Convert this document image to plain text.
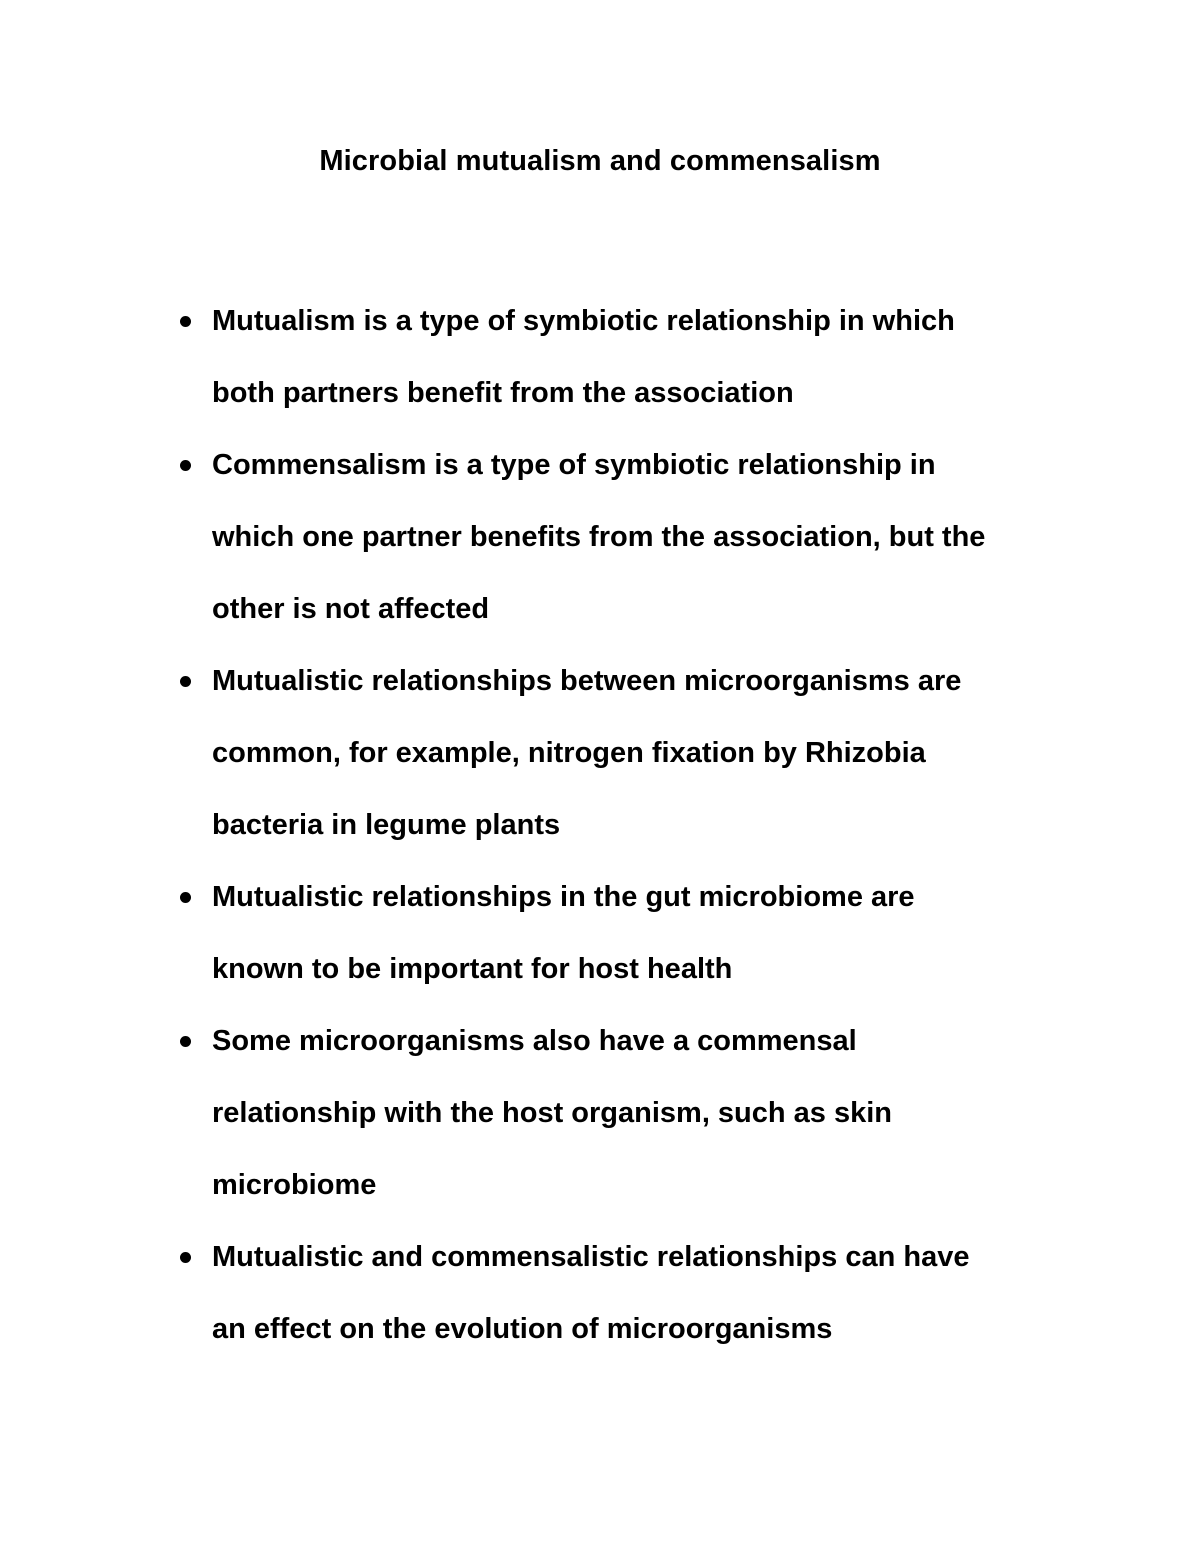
Microbial mutualism and commensalism
Mutualism is a type of symbiotic relationship in which
both partners benefit from the association
Commensalism is a type of symbiotic relationship in
which one partner benefits from the association, but the
other is not affected
Mutualistic relationships between microorganisms are
common, for example, nitrogen fixation by Rhizobia
bacteria in legume plants
Mutualistic relationships in the gut microbiome are
known to be important for host health
Some microorganisms also have a commensal
relationship with the host organism, such as skin
microbiome
Mutualistic and commensalistic relationships can have
an effect on the evolution of microorganisms
